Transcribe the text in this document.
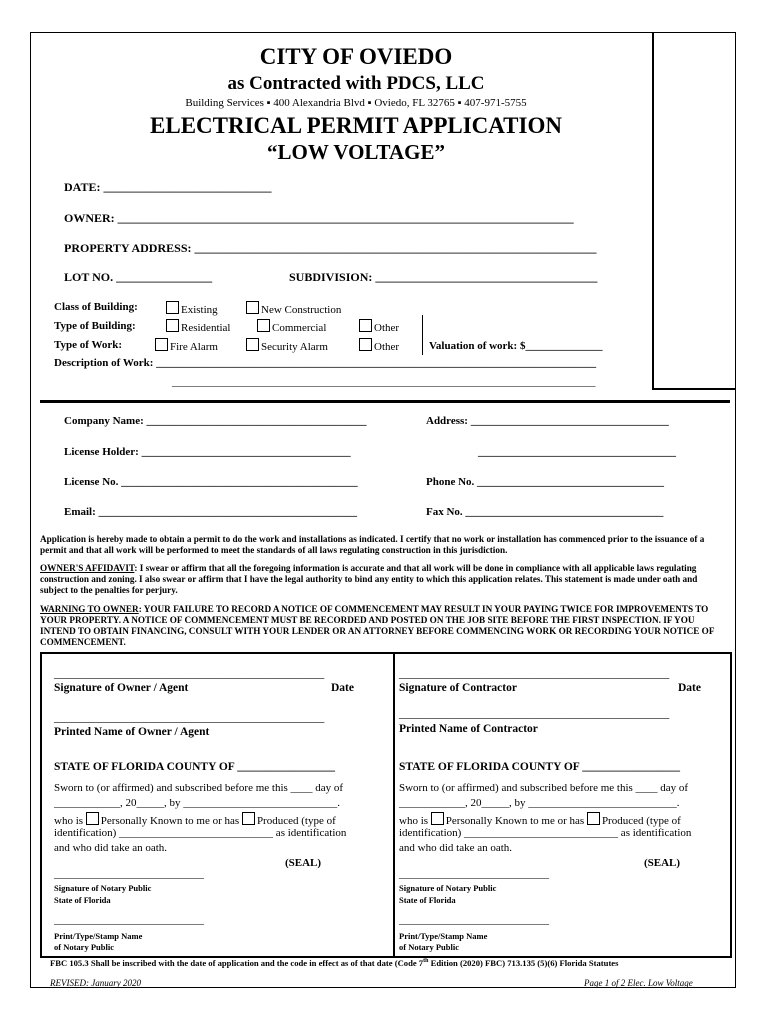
CITY OF OVIEDO
as Contracted with PDCS, LLC
Building Services ▪ 400 Alexandria Blvd ▪ Oviedo, FL 32765 ▪ 407-971-5755
ELECTRICAL PERMIT APPLICATION
“LOW VOLTAGE”
DATE: ____________________________
OWNER: ____________________________________________________________________________
PROPERTY ADDRESS: ___________________________________________________________________
LOT NO. ________________	SUBDIVISION: _____________________________________
Class of Building:	Existing	New Construction
Type of Building:	Residential	Commercial	Other
Type of Work:	Fire Alarm	Security Alarm	Other	Valuation of work: $______________
Description of Work: ________________________________________________________________________________
_____________________________________________________________________________
Company Name: ________________________________________	Address: ____________________________________
License Holder: ______________________________________	____________________________________
License No. ___________________________________________	Phone No. __________________________________
Email: _______________________________________________	Fax No. ____________________________________
Application is hereby made to obtain a permit to do the work and installations as indicated. I certify that no work or installation has commenced prior to the issuance of a permit and that all work will be performed to meet the standards of all laws regulating construction in this jurisdiction.
OWNER'S AFFIDAVIT: I swear or affirm that all the foregoing information is accurate and that all work will be done in compliance with all applicable laws regulating construction and zoning. I also swear or affirm that I have the legal authority to bind any entity to which this application relates. This statement is made under oath and subject to the penalties for perjury.
WARNING TO OWNER: YOUR FAILURE TO RECORD A NOTICE OF COMMENCEMENT MAY RESULT IN YOUR PAYING TWICE FOR IMPROVEMENTS TO YOUR PROPERTY. A NOTICE OF COMMENCEMENT MUST BE RECORDED AND POSTED ON THE JOB SITE BEFORE THE FIRST INSPECTION. IF YOU INTEND TO OBTAIN FINANCING, CONSULT WITH YOUR LENDER OR AN ATTORNEY BEFORE COMMENCING WORK OR RECORDING YOUR NOTICE OF COMMENCEMENT.
_______________________________________________
Signature of Owner / Agent	Date
_______________________________________________
Printed Name of Owner / Agent
STATE OF FLORIDA COUNTY OF _________________
Sworn to (or affirmed) and subscribed before me this ____ day of
____________, 20_____, by ____________________________.
who is Personally Known to me or has Produced (type of
identification) ____________________________ as identification
and who did take an oath.
(SEAL)
______________________________
Signature of Notary Public
State of Florida
______________________________
Print/Type/Stamp Name
of Notary Public
_______________________________________________
Signature of Contractor	Date
_______________________________________________
Printed Name of Contractor
STATE OF FLORIDA COUNTY OF _________________
Sworn to (or affirmed) and subscribed before me this ____ day of
____________, 20_____, by ___________________________.
who is Personally Known to me or has Produced (type of
identification) ____________________________ as identification
and who did take an oath.
(SEAL)
______________________________
Signature of Notary Public
State of Florida
______________________________
Print/Type/Stamp Name
of Notary Public
FBC 105.3 Shall be inscribed with the date of application and the code in effect as of that date (Code 7th Edition (2020) FBC) 713.135 (5)(6) Florida Statutes
REVISED: January 2020	Page 1 of 2 Elec. Low Voltage
